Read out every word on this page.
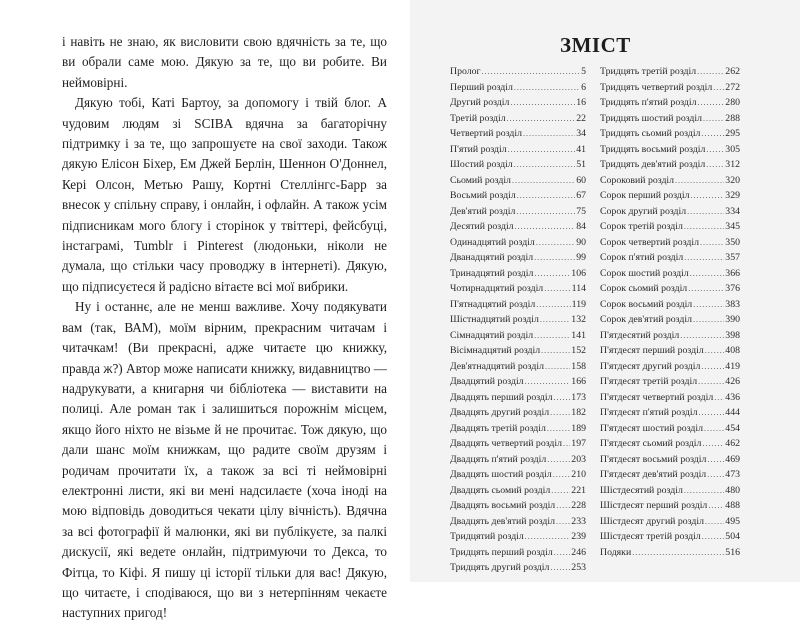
і навіть не знаю, як висловити свою вдячність за те, що ви обрали саме мою. Дякую за те, що ви робите. Ви неймовірні.

Дякую тобі, Каті Бартоу, за допомогу і твій блог. А чудовим людям зі SCIBA вдячна за багаторічну підтримку і за те, що запрошуєте на свої заходи. Також дякую Елісон Біхер, Ем Джей Берлін, Шеннон О'Доннел, Кері Олсон, Метью Рашу, Кортні Стеллінгс-Барр за внесок у спільну справу, і онлайн, і офлайн. А також усім підписникам мого блогу і сторінок у твіттері, фейсбуці, інстаграмі, Tumblr і Pinterest (людоньки, ніколи не думала, що стільки часу проводжу в інтернеті). Дякую, що підписуєтеся й радісно вітаєте всі мої вибрики.

Ну і останнє, але не менш важливе. Хочу подякувати вам (так, ВАМ), моїм вірним, прекрасним читачам і читачкам! (Ви прекрасні, адже читаєте цю книжку, правда ж?) Автор може написати книжку, видавництво — надрукувати, а книгарня чи бібліотека — виставити на полиці. Але роман так і залишиться порожнім місцем, якщо його ніхто не візьме й не прочитає. Тож дякую, що дали шанс моїм книжкам, що радите своїм друзям і родичам прочитати їх, а також за всі ті неймовірні електронні листи, які ви мені надсилаєте (хоча іноді на мою відповідь доводиться чекати цілу вічність). Вдячна за всі фотографії й малюнки, які ви публікуєте, за палкі дискусії, які ведете онлайн, підтримуючи то Декса, то Фітца, то Кіфі. Я пишу ці історії тільки для вас! Дякую, що читаєте, і сподіваюся, що ви з нетерпінням чекаєте наступних пригод!

ЗМІСТ
Пролог .....	5
Перший розділ .....	6
Другий розділ .....	16
Третій розділ .....	22
Четвертий розділ .....	34
П'ятий розділ .....	41
Шостий розділ .....	51
Сьомий розділ .....	60
Восьмий розділ .....	67
Дев'ятий розділ .....	75
Десятий розділ .....	84
Одинадцятий розділ .....	90
Дванадцятий розділ .....	99
Тринадцятий розділ .....	106
Чотирнадцятий розділ .....	114
П'ятнадцятий розділ .....	119
Шістнадцятий розділ .....	132
Сімнадцятий розділ .....	141
Вісімнадцятий розділ .....	152
Дев'ятнадцятий розділ .....	158
Двадцятий розділ .....	166
Двадцять перший розділ ..... 173
Двадцять другий розділ ..... 182
Двадцять третій розділ .....	189
Двадцять четвертий розділ ..... 197
Двадцять п'ятий розділ .....	203
Двадцять шостий розділ ..... 210
Двадцять сьомий розділ ..... 221
Двадцять восьмий розділ ..... 228
Двадцять дев'ятий розділ ..... 233
Тридцятий розділ .....	239
Тридцять перший розділ ..... 246
Тридцять другий розділ ..... 253
Тридцять третій розділ .....	262
Тридцять четвертий розділ ..... 272
Тридцять п'ятий розділ .....	280
Тридцять шостий розділ ..... 288
Тридцять сьомий розділ .....	295
Тридцять восьмий розділ ..... 305
Тридцять дев'ятий розділ ..... 312
Сороковий розділ .....	320
Сорок перший розділ .....	329
Сорок другий розділ .....	334
Сорок третій розділ .....	345
Сорок четвертий розділ .....	350
Сорок п'ятий розділ .....	357
Сорок шостий розділ .....	366
Сорок сьомий розділ .....	376
Сорок восьмий розділ .....	383
Сорок дев'ятий розділ .....	390
П'ятдесятий розділ .....	398
П'ятдесят перший розділ ..... 408
П'ятдесят другий розділ .....	419
П'ятдесят третій розділ .....	426
П'ятдесят четвертий розділ ..... 436
П'ятдесят п'ятий розділ .....	444
П'ятдесят шостий розділ ..... 454
П'ятдесят сьомий розділ ..... 462
П'ятдесят восьмий розділ ..... 469
П'ятдесят дев'ятий розділ ..... 473
Шістдесятий розділ .....	480
Шістдесят перший розділ ..... 488
Шістдесят другий розділ ..... 495
Шістдесят третій розділ .....	504
Подяки .....	516
